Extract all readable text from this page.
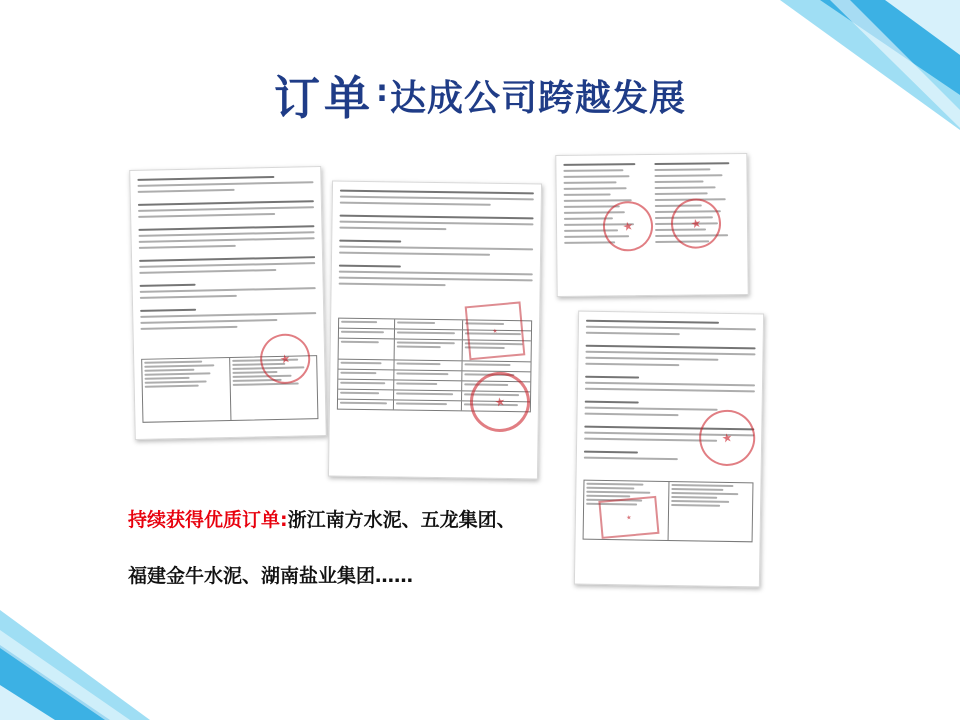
订单:达成公司跨越发展
★
★
★
★	★
★
★
持续获得优质订单:浙江南方水泥、五龙集团、
福建金牛水泥、湖南盐业集团……
